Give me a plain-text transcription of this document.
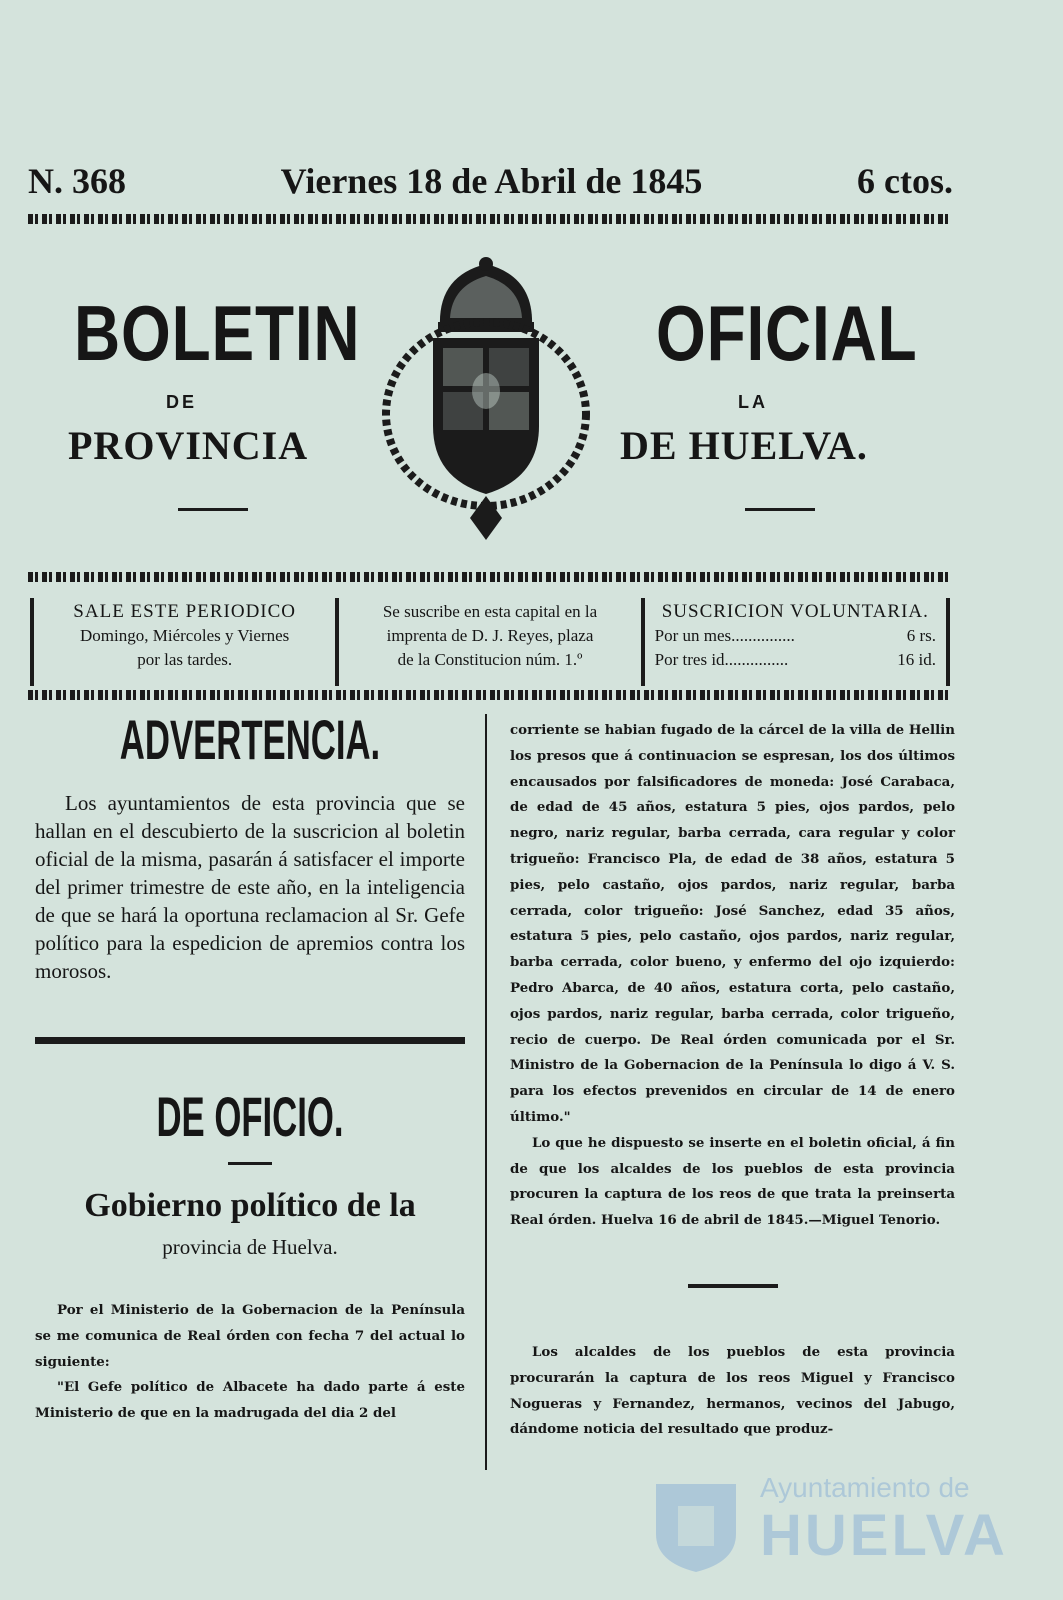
N. 368	Viernes 18 de Abril de 1845	6 ctos.
BOLETIN	OFICIAL
DE	LA
PROVINCIA	DE HUELVA.
SALE ESTE PERIODICO
Domingo, Miércoles y Viernes
por las tardes.
Se suscribe en esta capital en la
imprenta de D. J. Reyes, plaza
de la Constitucion núm. 1.º
SUSCRICION VOLUNTARIA.
Por un mes...............	6 rs.
Por tres id...............	16 id.
ADVERTENCIA.

Los ayuntamientos de esta provincia que se hallan en el descubierto de la suscricion al boletin oficial de la misma, pasarán á satisfacer el importe del primer trimestre de este año, en la inteligencia de que se hará la oportuna reclamacion al Sr. Gefe político para la espedicion de apremios contra los morosos.

DE OFICIO.
Gobierno político de la
provincia de Huelva.

Por el Ministerio de la Gobernacion de la Península se me comunica de Real órden con fecha 7 del actual lo siguiente:

"El Gefe político de Albacete ha dado parte á este Ministerio de que en la madrugada del dia 2 del

corriente se habian fugado de la cárcel de la villa de Hellin los presos que á continuacion se espresan, los dos últimos encausados por falsificadores de moneda: José Carabaca, de edad de 45 años, estatura 5 pies, ojos pardos, pelo negro, nariz regular, barba cerrada, cara regular y color trigueño: Francisco Pla, de edad de 38 años, estatura 5 pies, pelo castaño, ojos pardos, nariz regular, barba cerrada, color trigueño: José Sanchez, edad 35 años, estatura 5 pies, pelo castaño, ojos pardos, nariz regular, barba cerrada, color bueno, y enfermo del ojo izquierdo: Pedro Abarca, de 40 años, estatura corta, pelo castaño, ojos pardos, nariz regular, barba cerrada, color trigueño, recio de cuerpo. De Real órden comunicada por el Sr. Ministro de la Gobernacion de la Península lo digo á V. S. para los efectos prevenidos en circular de 14 de enero último."

Lo que he dispuesto se inserte en el boletin oficial, á fin de que los alcaldes de los pueblos de esta provincia procuren la captura de los reos de que trata la preinserta Real órden. Huelva 16 de abril de 1845.—Miguel Tenorio.

Los alcaldes de los pueblos de esta provincia procurarán la captura de los reos Miguel y Francisco Nogueras y Fernandez, hermanos, vecinos del Jabugo, dándome noticia del resultado que produz-

Ayuntamiento de
HUELVA
